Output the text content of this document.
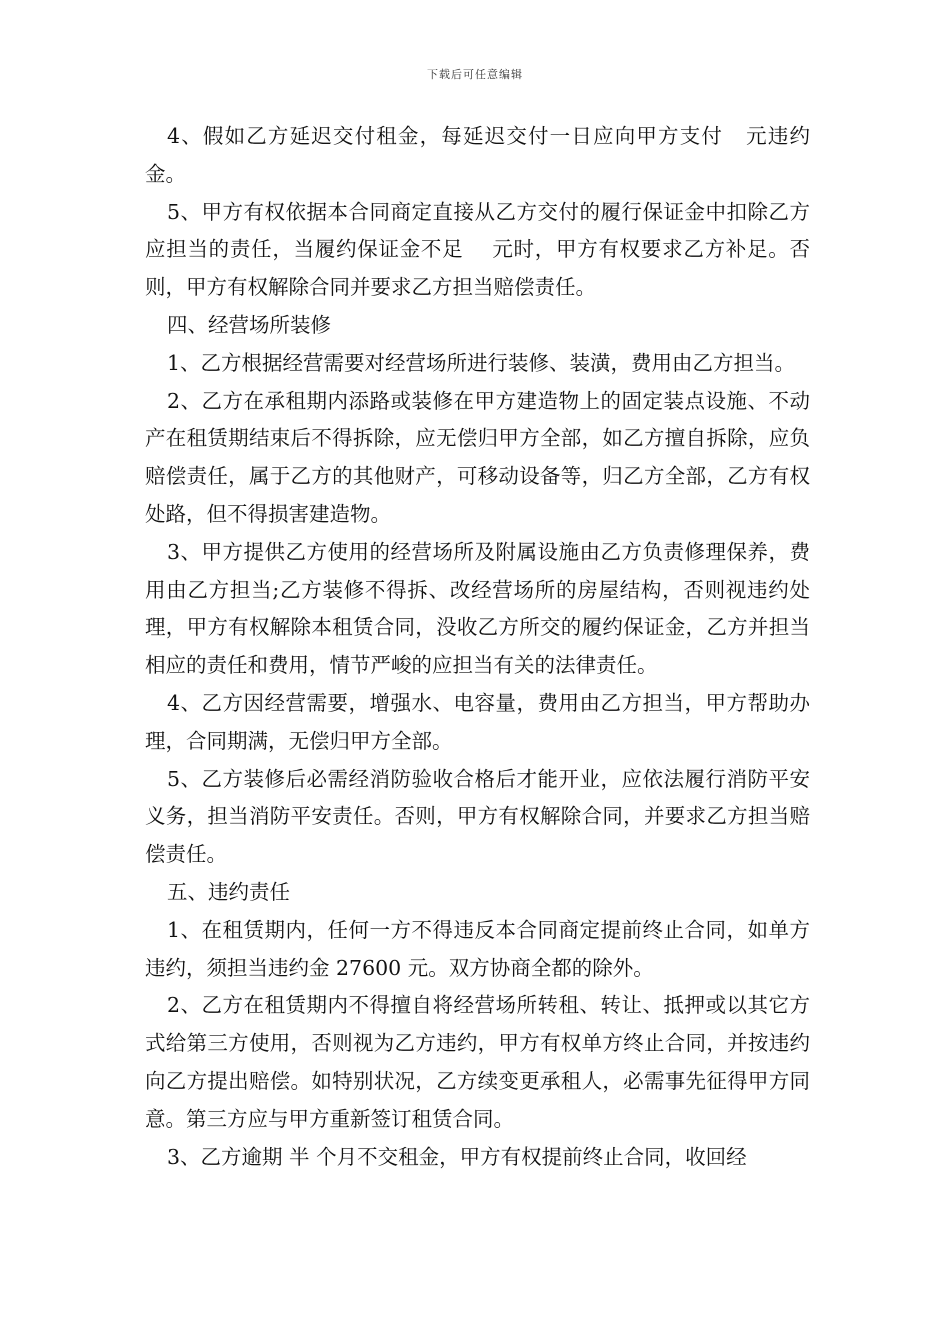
下载后可任意编辑

4、假如乙方延迟交付租金，每延迟交付一日应向甲方支付   元违约金。

5、甲方有权依据本合同商定直接从乙方交付的履行保证金中扣除乙方应担当的责任，当履约保证金不足    元时，甲方有权要求乙方补足。否则，甲方有权解除合同并要求乙方担当赔偿责任。

四、经营场所装修

1、乙方根据经营需要对经营场所进行装修、装潢，费用由乙方担当。

2、乙方在承租期内添路或装修在甲方建造物上的固定装点设施、不动产在租赁期结束后不得拆除，应无偿归甲方全部，如乙方擅自拆除，应负赔偿责任，属于乙方的其他财产，可移动设备等，归乙方全部，乙方有权处路，但不得损害建造物。

3、甲方提供乙方使用的经营场所及附属设施由乙方负责修理保养，费用由乙方担当;乙方装修不得拆、改经营场所的房屋结构，否则视违约处理，甲方有权解除本租赁合同，没收乙方所交的履约保证金，乙方并担当相应的责任和费用，情节严峻的应担当有关的法律责任。

4、乙方因经营需要，增强水、电容量，费用由乙方担当，甲方帮助办理，合同期满，无偿归甲方全部。

5、乙方装修后必需经消防验收合格后才能开业，应依法履行消防平安义务，担当消防平安责任。否则，甲方有权解除合同，并要求乙方担当赔偿责任。

五、违约责任

1、在租赁期内，任何一方不得违反本合同商定提前终止合同，如单方违约，须担当违约金 27600 元。双方协商全都的除外。

2、乙方在租赁期内不得擅自将经营场所转租、转让、抵押或以其它方式给第三方使用，否则视为乙方违约，甲方有权单方终止合同，并按违约向乙方提出赔偿。如特别状况，乙方续变更承租人，必需事先征得甲方同意。第三方应与甲方重新签订租赁合同。

3、乙方逾期 半 个月不交租金，甲方有权提前终止合同，收回经
